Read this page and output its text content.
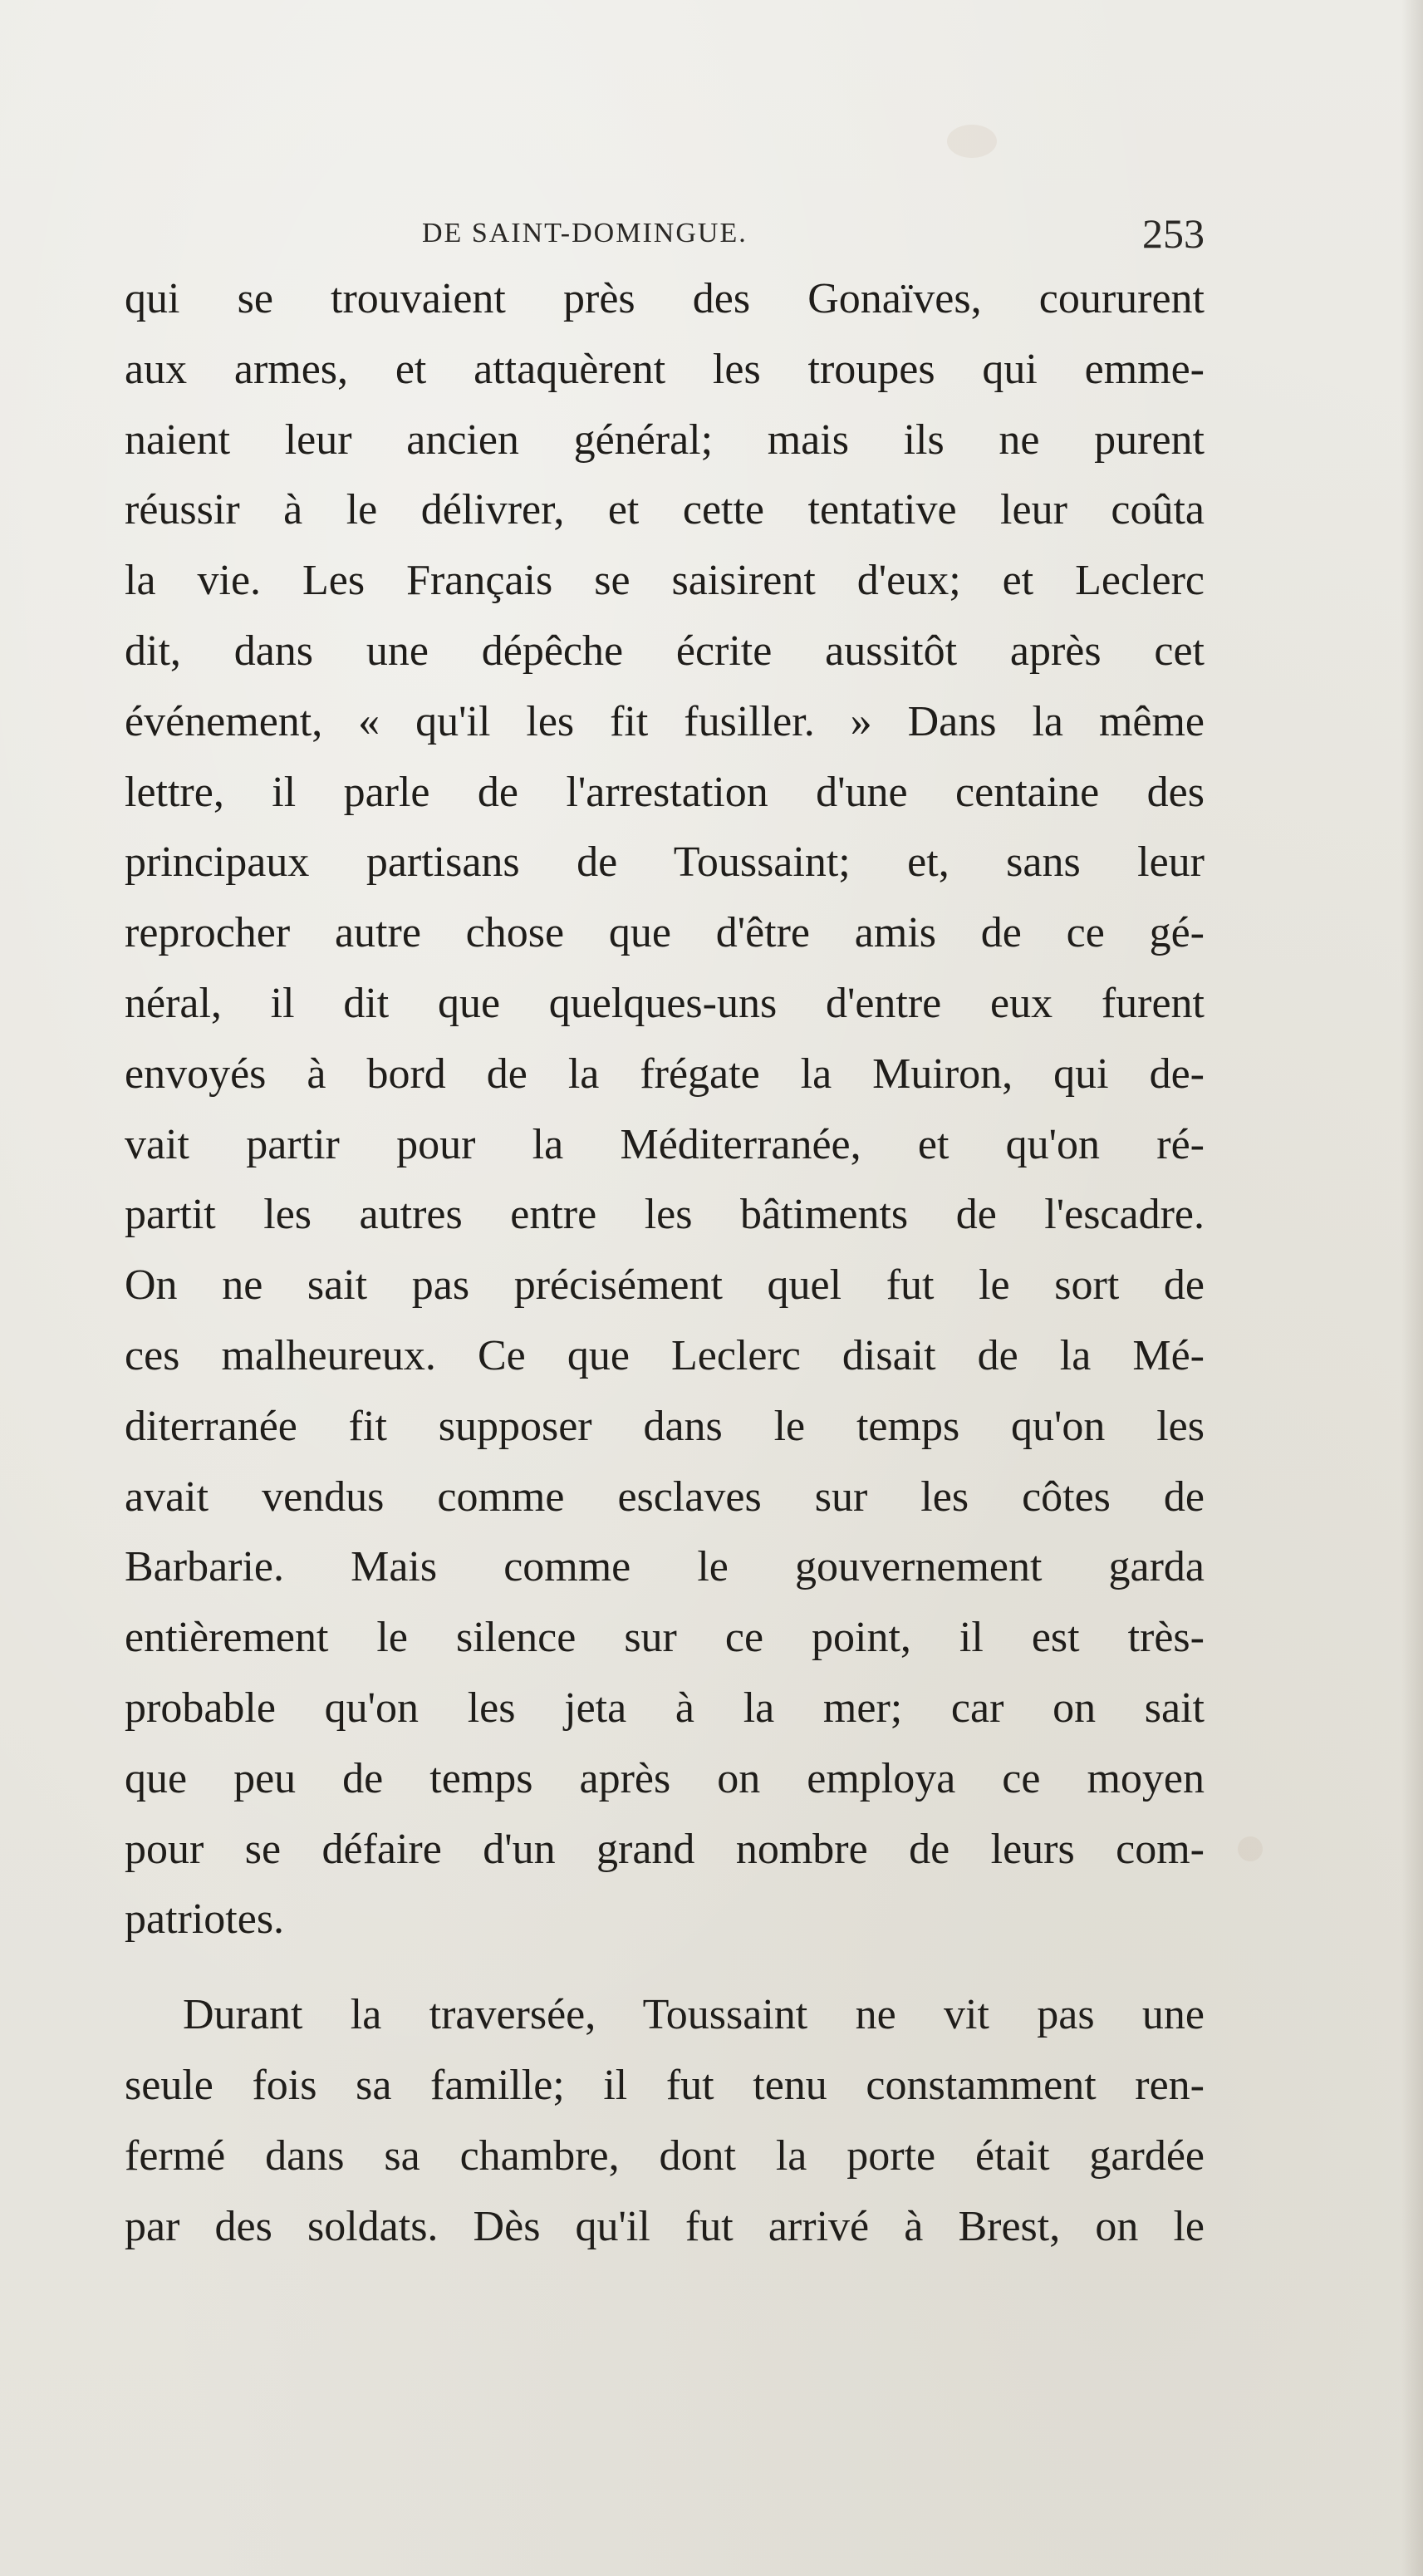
DE SAINT-DOMINGUE.	253
qui se trouvaient près des Gonaïves, coururent
aux armes, et attaquèrent les troupes qui emme-
naient leur ancien général; mais ils ne purent
réussir à le délivrer, et cette tentative leur coûta
la vie. Les Français se saisirent d'eux; et Leclerc
dit, dans une dépêche écrite aussitôt après cet
événement, « qu'il les fit fusiller. » Dans la même
lettre, il parle de l'arrestation d'une centaine des
principaux partisans de Toussaint; et, sans leur
reprocher autre chose que d'être amis de ce gé-
néral, il dit que quelques-uns d'entre eux furent
envoyés à bord de la frégate la Muiron, qui de-
vait partir pour la Méditerranée, et qu'on ré-
partit les autres entre les bâtiments de l'escadre.
On ne sait pas précisément quel fut le sort de
ces malheureux. Ce que Leclerc disait de la Mé-
diterranée fit supposer dans le temps qu'on les
avait vendus comme esclaves sur les côtes de
Barbarie. Mais comme le gouvernement garda
entièrement le silence sur ce point, il est très-
probable qu'on les jeta à la mer; car on sait
que peu de temps après on employa ce moyen
pour se défaire d'un grand nombre de leurs com-
patriotes.
Durant la traversée, Toussaint ne vit pas une
seule fois sa famille; il fut tenu constamment ren-
fermé dans sa chambre, dont la porte était gardée
par des soldats. Dès qu'il fut arrivé à Brest, on le
